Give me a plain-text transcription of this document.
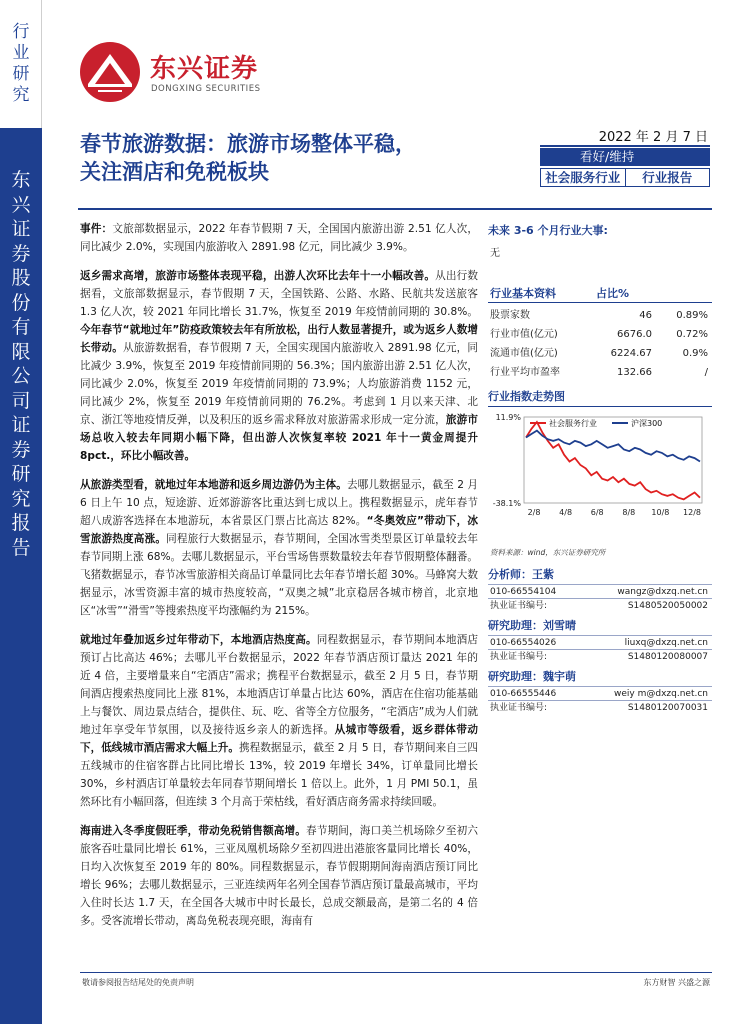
行业研究
东兴证券股份有限公司证券研究报告
东兴证券
DONGXING SECURITIES
春节旅游数据：旅游市场整体平稳，
关注酒店和免税板块
2022 年 2 月 7 日
看好/维持
社会服务行业	行业报告

事件：文旅部数据显示，2022 年春节假期 7 天，全国国内旅游出游 2.51 亿人次，同比减少 2.0%，实现国内旅游收入 2891.98 亿元，同比减少 3.9%。

返乡需求高增，旅游市场整体表现平稳，出游人次环比去年十一小幅改善。从出行数据看，文旅部数据显示，春节假期 7 天，全国铁路、公路、水路、民航共发送旅客 1.3 亿人次，较 2021 年同比增长 31.7%，恢复至 2019 年疫情前同期的 30.8%。今年春节“就地过年”防疫政策较去年有所放松，出行人数显著提升，或为返乡人数增长带动。从旅游数据看，春节假期 7 天，全国实现国内旅游收入 2891.98 亿元，同比减少 3.9%，恢复至 2019 年疫情前同期的 56.3%；国内旅游出游 2.51 亿人次，同比减少 2.0%，恢复至 2019 年疫情前同期的 73.9%；人均旅游消费 1152 元，同比减少 2%，恢复至 2019 年疫情前同期的 76.2%。考虑到 1 月以来天津、北京、浙江等地疫情反弹，以及积压的返乡需求释放对旅游需求形成一定分流，旅游市场总收入较去年同期小幅下降，但出游人次恢复率较 2021 年十一黄金周提升 8pct.，环比小幅改善。

从旅游类型看，就地过年本地游和返乡周边游仍为主体。去哪儿数据显示，截至 2 月 6 日上午 10 点，短途游、近郊游游客比重达到七成以上。携程数据显示，虎年春节超八成游客选择在本地游玩，本省景区门票占比高达 82%。“冬奥效应”带动下，冰雪旅游热度高涨。同程旅行大数据显示，春节期间，全国冰雪类型景区订单量较去年春节同期上涨 68%。去哪儿数据显示，平台雪场售票数量较去年春节假期整体翻番。飞猪数据显示，春节冰雪旅游相关商品订单量同比去年春节增长超 30%。马蜂窝大数据显示，冰雪资源丰富的城市热度较高，“双奥之城”北京稳居各城市榜首，北京地区“冰雪”“滑雪”等搜索热度平均涨幅约为 215%。

就地过年叠加返乡过年带动下，本地酒店热度高。同程数据显示，春节期间本地酒店预订占比高达 46%；去哪儿平台数据显示，2022 年春节酒店预订量达 2021 年的近 4 倍，主要增量来自“宅酒店”需求；携程平台数据显示，截至 2 月 5 日，春节期间酒店搜索热度同比上涨 81%，本地酒店订单量占比达 60%，酒店在住宿功能基础上与餐饮、周边景点结合，提供住、玩、吃、省等全方位服务，“宅酒店”成为人们就地过年享受年节氛围，以及接待返乡亲人的新选择。从城市等级看，返乡群体带动下，低线城市酒店需求大幅上升。携程数据显示，截至 2 月 5 日，春节期间来自三四五线城市的住宿客群占比同比增长 13%，较 2019 年增长 34%，订单量同比增长 30%，乡村酒店订单量较去年同春节期间增长 1 倍以上。此外，1 月 PMI 50.1，虽然环比有小幅回落，但连续 3 个月高于荣枯线，看好酒店商务需求持续回暖。

海南进入冬季度假旺季，带动免税销售额高增。春节期间，海口美兰机场除夕至初六旅客吞吐量同比增长 61%，三亚凤凰机场除夕至初四进出港旅客量同比增长 40%，日均入次恢复至 2019 年的 80%。同程数据显示，春节假期期间海南酒店预订同比增长 96%；去哪儿数据显示，三亚连续两年名列全国春节酒店预订量最高城市，平均入住时长达 1.7 天，在全国各大城市中时长最长，总成交额最高，是第二名的 4 倍多。受客流增长带动，离岛免税表现亮眼，海南有

未来 3-6 个月行业大事:
无
行业基本资料	占比%
股票家数	46 0.89%
行业市值(亿元)	6676.0 0.72%
流通市值(亿元)	6224.67	0.9%
行业平均市盈率	132.66	/
行业指数走势图
11.9%
-38.1%
2/8 4/8 6/8 8/8 10/8 12/8
社会服务行业	沪深300
资料来源：wind，东兴证券研究所
分析师：王紫
010-66554104	wangz@dxzq.net.cn
执业证书编号:	S1480520050002
研究助理：刘雪晴
010-66554026	liuxq@dxzq.net.cn
执业证书编号:	S1480120080007
研究助理：魏宇萌
010-66555446	weiy m@dxzq.net.cn
执业证书编号:	S1480120070031
敬请参阅报告结尾处的免责声明	东方财智 兴盛之源
